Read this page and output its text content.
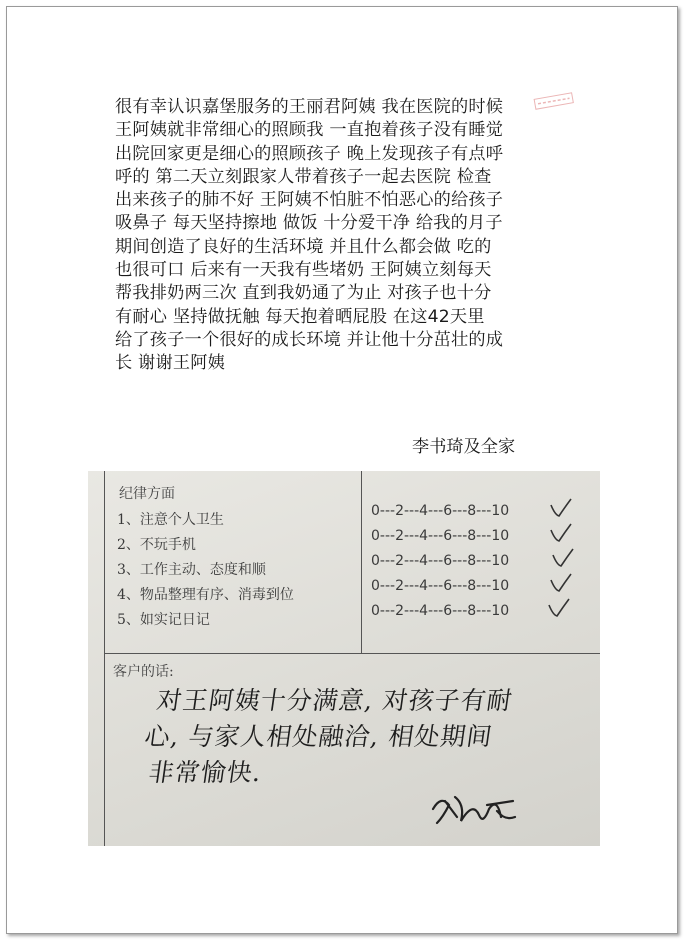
很有幸认识嘉堡服务的王丽君阿姨 我在医院的时候
王阿姨就非常细心的照顾我 一直抱着孩子没有睡觉
出院回家更是细心的照顾孩子 晚上发现孩子有点呼
呼的 第二天立刻跟家人带着孩子一起去医院 检查
出来孩子的肺不好 王阿姨不怕脏不怕恶心的给孩子
吸鼻子 每天坚持擦地 做饭 十分爱干净 给我的月子
期间创造了良好的生活环境 并且什么都会做 吃的
也很可口 后来有一天我有些堵奶 王阿姨立刻每天
帮我排奶两三次 直到我奶通了为止 对孩子也十分
有耐心 坚持做抚触 每天抱着晒屁股 在这42天里
给了孩子一个很好的成长环境 并让他十分茁壮的成
长 谢谢王阿姨
李书琦及全家
纪律方面
1、注意个人卫生
2、不玩手机
3、工作主动、态度和顺
4、物品整理有序、消毒到位
5、如实记日记
0---2---4---6---8---10
0---2---4---6---8---10
0---2---4---6---8---10
0---2---4---6---8---10
0---2---4---6---8---10
客户的话:
对王阿姨十分满意, 对孩子有耐
心, 与家人相处融洽, 相处期间
非常愉快.
